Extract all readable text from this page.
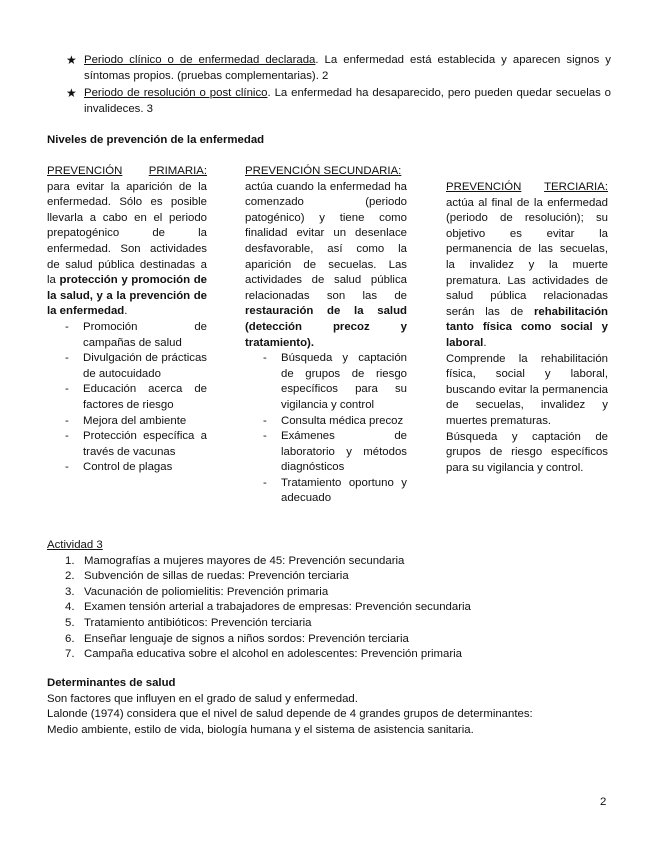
★ Periodo clínico o de enfermedad declarada. La enfermedad está establecida y aparecen signos y síntomas propios. (pruebas complementarias). 2
★ Periodo de resolución o post clínico. La enfermedad ha desaparecido, pero pueden quedar secuelas o invalideces. 3
Niveles de prevención de la enfermedad
PREVENCIÓN PRIMARIA:

para evitar la aparición de la enfermedad. Sólo es posible llevarla a cabo en el periodo prepatogénico de la enfermedad. Son actividades de salud pública destinadas a la protección y promoción de la salud, y a la prevención de la enfermedad.

- Promoción de campañas de salud
- Divulgación de prácticas de autocuidado
- Educación acerca de factores de riesgo
- Mejora del ambiente
- Protección específica a través de vacunas
- Control de plagas
PREVENCIÓN SECUNDARIA:

actúa cuando la enfermedad ha comenzado (periodo patogénico) y tiene como finalidad evitar un desenlace desfavorable, así como la aparición de secuelas. Las actividades de salud pública relacionadas son las de restauración de la salud (detección precoz y tratamiento).

- Búsqueda y captación de grupos de riesgo específicos para su vigilancia y control
- Consulta médica precoz
- Exámenes de laboratorio y métodos diagnósticos
- Tratamiento oportuno y adecuado
PREVENCIÓN TERCIARIA:

actúa al final de la enfermedad (periodo de resolución); su objetivo es evitar la permanencia de las secuelas, la invalidez y la muerte prematura. Las actividades de salud pública relacionadas serán las de rehabilitación tanto física como social y laboral.

Comprende la rehabilitación física, social y laboral, buscando evitar la permanencia de secuelas, invalidez y muertes prematuras.

Búsqueda y captación de grupos de riesgo específicos para su vigilancia y control.

Actividad 3
1. Mamografías a mujeres mayores de 45: Prevención secundaria
2. Subvención de sillas de ruedas: Prevención terciaria
3. Vacunación de poliomielitis: Prevención primaria
4. Examen tensión arterial a trabajadores de empresas: Prevención secundaria
5. Tratamiento antibióticos: Prevención terciaria
6. Enseñar lenguaje de signos a niños sordos: Prevención terciaria
7. Campaña educativa sobre el alcohol en adolescentes: Prevención primaria
Determinantes de salud

Son factores que influyen en el grado de salud y enfermedad.

Lalonde (1974) considera que el nivel de salud depende de 4 grandes grupos de determinantes:

Medio ambiente, estilo de vida, biología humana y el sistema de asistencia sanitaria.

2
